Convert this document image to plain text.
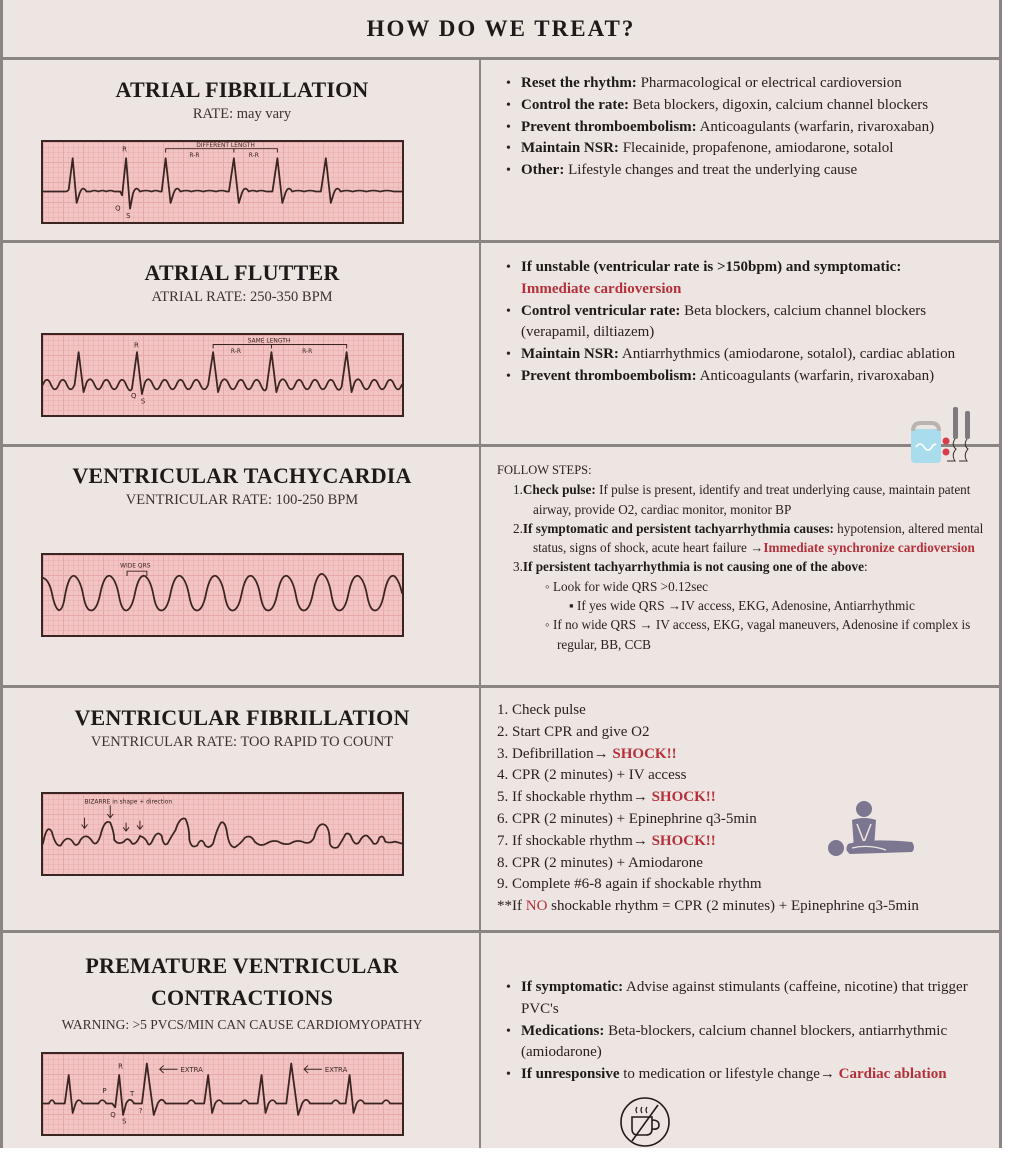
HOW DO WE TREAT?
ATRIAL FIBRILLATION
RATE: may vary
R
Q
S
DIFFERENT LENGTH
R-R	R-R
• Reset the rhythm: Pharmacological or electrical cardioversion
• Control the rate: Beta blockers, digoxin, calcium channel blockers
• Prevent thromboembolism: Anticoagulants (warfarin, rivaroxaban)
• Maintain NSR: Flecainide, propafenone, amiodarone, sotalol
• Other: Lifestyle changes and treat the underlying cause
ATRIAL FLUTTER
ATRIAL RATE: 250-350 BPM
R
Q
S
SAME LENGTH
R-R	R-R
• If unstable (ventricular rate is >150bpm) and symptomatic:
Immediate cardioversion
• Control ventricular rate: Beta blockers, calcium channel blockers (verapamil, diltiazem)
• Maintain NSR: Antiarrhythmics (amiodarone, sotalol), cardiac ablation
• Prevent thromboembolism: Anticoagulants (warfarin, rivaroxaban)
VENTRICULAR TACHYCARDIA
VENTRICULAR RATE: 100-250 BPM
WIDE QRS
FOLLOW STEPS:
1.Check pulse: If pulse is present, identify and treat underlying cause, maintain patent airway, provide O2, cardiac monitor, monitor BP
2.If symptomatic and persistent tachyarrhythmia causes: hypotension, altered mental status, signs of shock, acute heart failure →Immediate synchronize cardioversion
3.If persistent tachyarrhythmia is not causing one of the above:
◦ Look for wide QRS >0.12sec
▪ If yes wide QRS →IV access, EKG, Adenosine, Antiarrhythmic
◦ If no wide QRS → IV access, EKG, vagal maneuvers, Adenosine if complex is regular, BB, CCB
VENTRICULAR FIBRILLATION
VENTRICULAR RATE: TOO RAPID TO COUNT
BIZARRE in shape + direction
1. Check pulse
2. Start CPR and give O2
3. Defibrillation→ SHOCK!!
4. CPR (2 minutes) + IV access
5. If shockable rhythm→ SHOCK!!
6. CPR (2 minutes) + Epinephrine q3-5min
7. If shockable rhythm→ SHOCK!!
8. CPR (2 minutes) + Amiodarone
9. Complete #6-8 again if shockable rhythm
**If NO shockable rhythm = CPR (2 minutes) + Epinephrine q3-5min
PREMATURE VENTRICULAR
CONTRACTIONS
WARNING: >5 PVCS/MIN CAN CAUSE CARDIOMYOPATHY
R
P
Q
S
T
?
EXTRA	EXTRA
• If symptomatic: Advise against stimulants (caffeine, nicotine) that trigger PVC's
• Medications: Beta-blockers, calcium channel blockers, antiarrhythmic (amiodarone)
• If unresponsive to medication or lifestyle change→ Cardiac ablation
